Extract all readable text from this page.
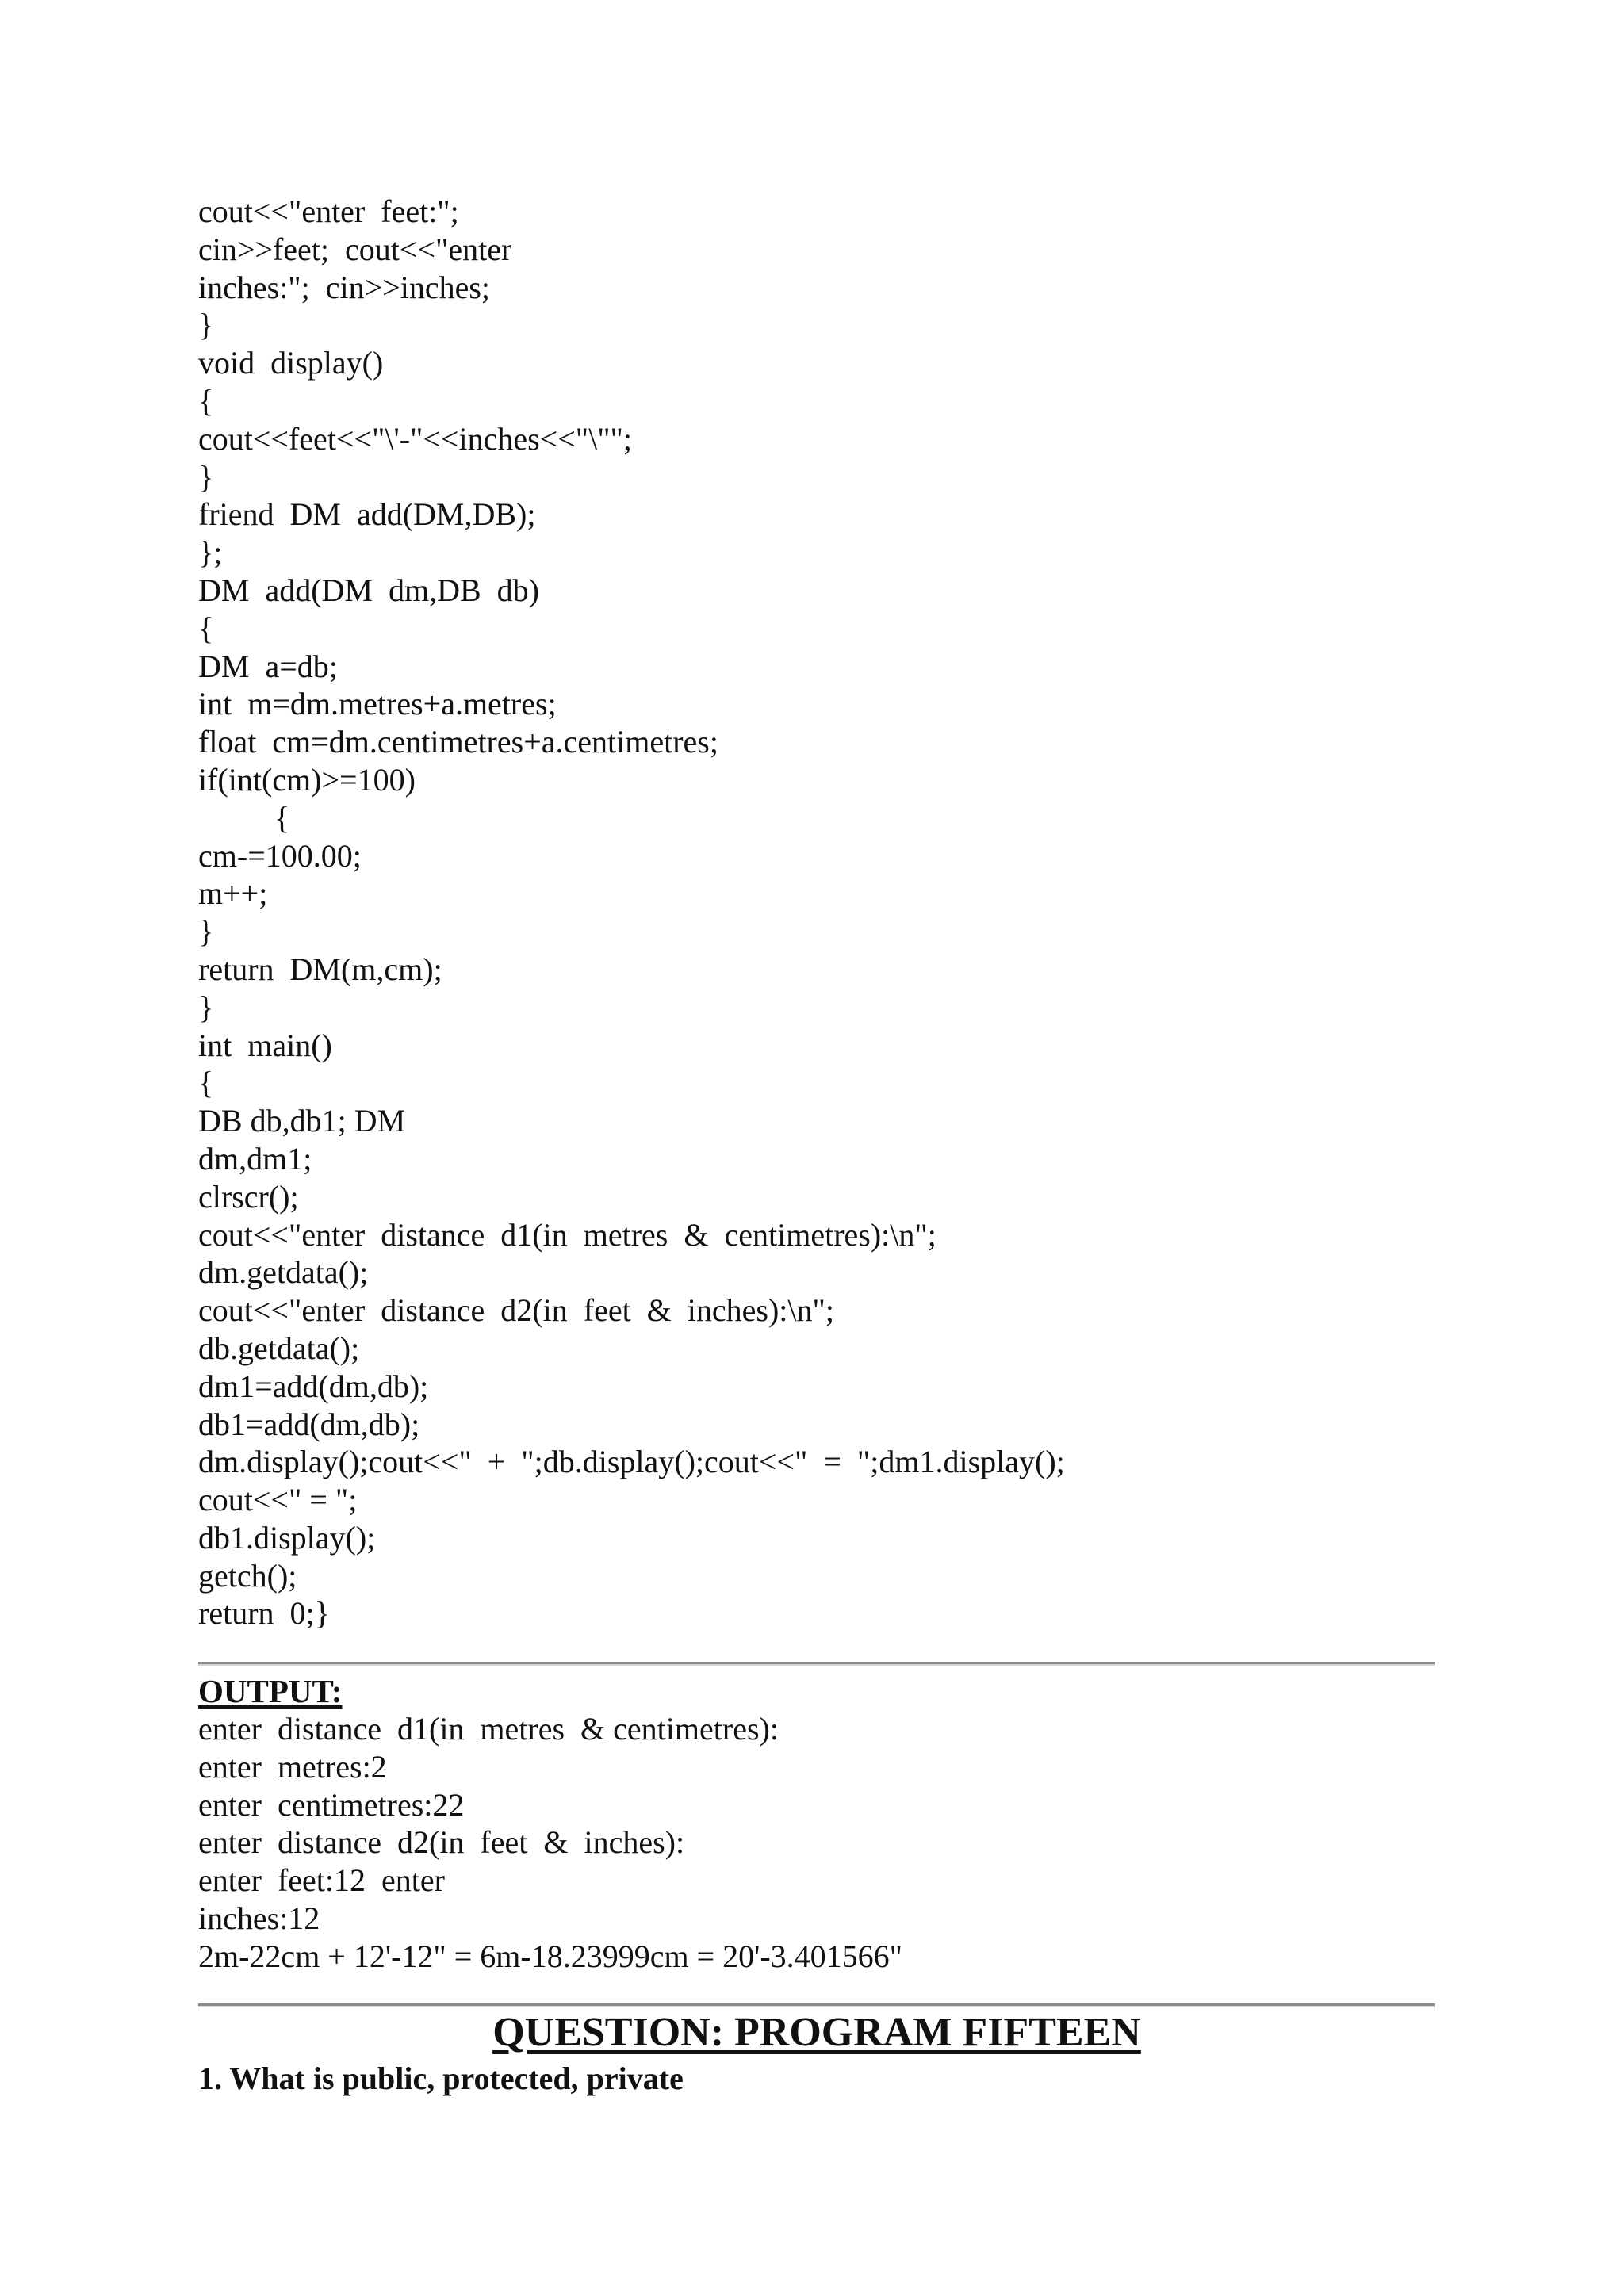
cout<<"enter  feet:";
cin>>feet;  cout<<"enter
inches:";  cin>>inches;
}
void  display()
{
cout<<feet<<"\'-"<<inches<<"\"";
}
friend  DM  add(DM,DB);
};
DM  add(DM  dm,DB  db)
{
DM  a=db;
int  m=dm.metres+a.metres;
float  cm=dm.centimetres+a.centimetres;
if(int(cm)>=100)
{
cm-=100.00;
m++;
}
return  DM(m,cm);
}
int  main()
{
DB db,db1; DM
dm,dm1;
clrscr();
cout<<"enter  distance  d1(in  metres  &  centimetres):\n";
dm.getdata();
cout<<"enter  distance  d2(in  feet  &  inches):\n";
db.getdata();
dm1=add(dm,db);
db1=add(dm,db);
dm.display();cout<<"  +  ";db.display();cout<<"  =  ";dm1.display();
cout<<" = ";
db1.display();
getch();
return  0;}
OUTPUT:
enter  distance  d1(in  metres  & centimetres):
enter  metres:2
enter  centimetres:22
enter  distance  d2(in  feet  &  inches):
enter  feet:12  enter
inches:12
2m-22cm + 12'-12" = 6m-18.23999cm = 20'-3.401566"
QUESTION: PROGRAM FIFTEEN
1. What is public, protected, private
